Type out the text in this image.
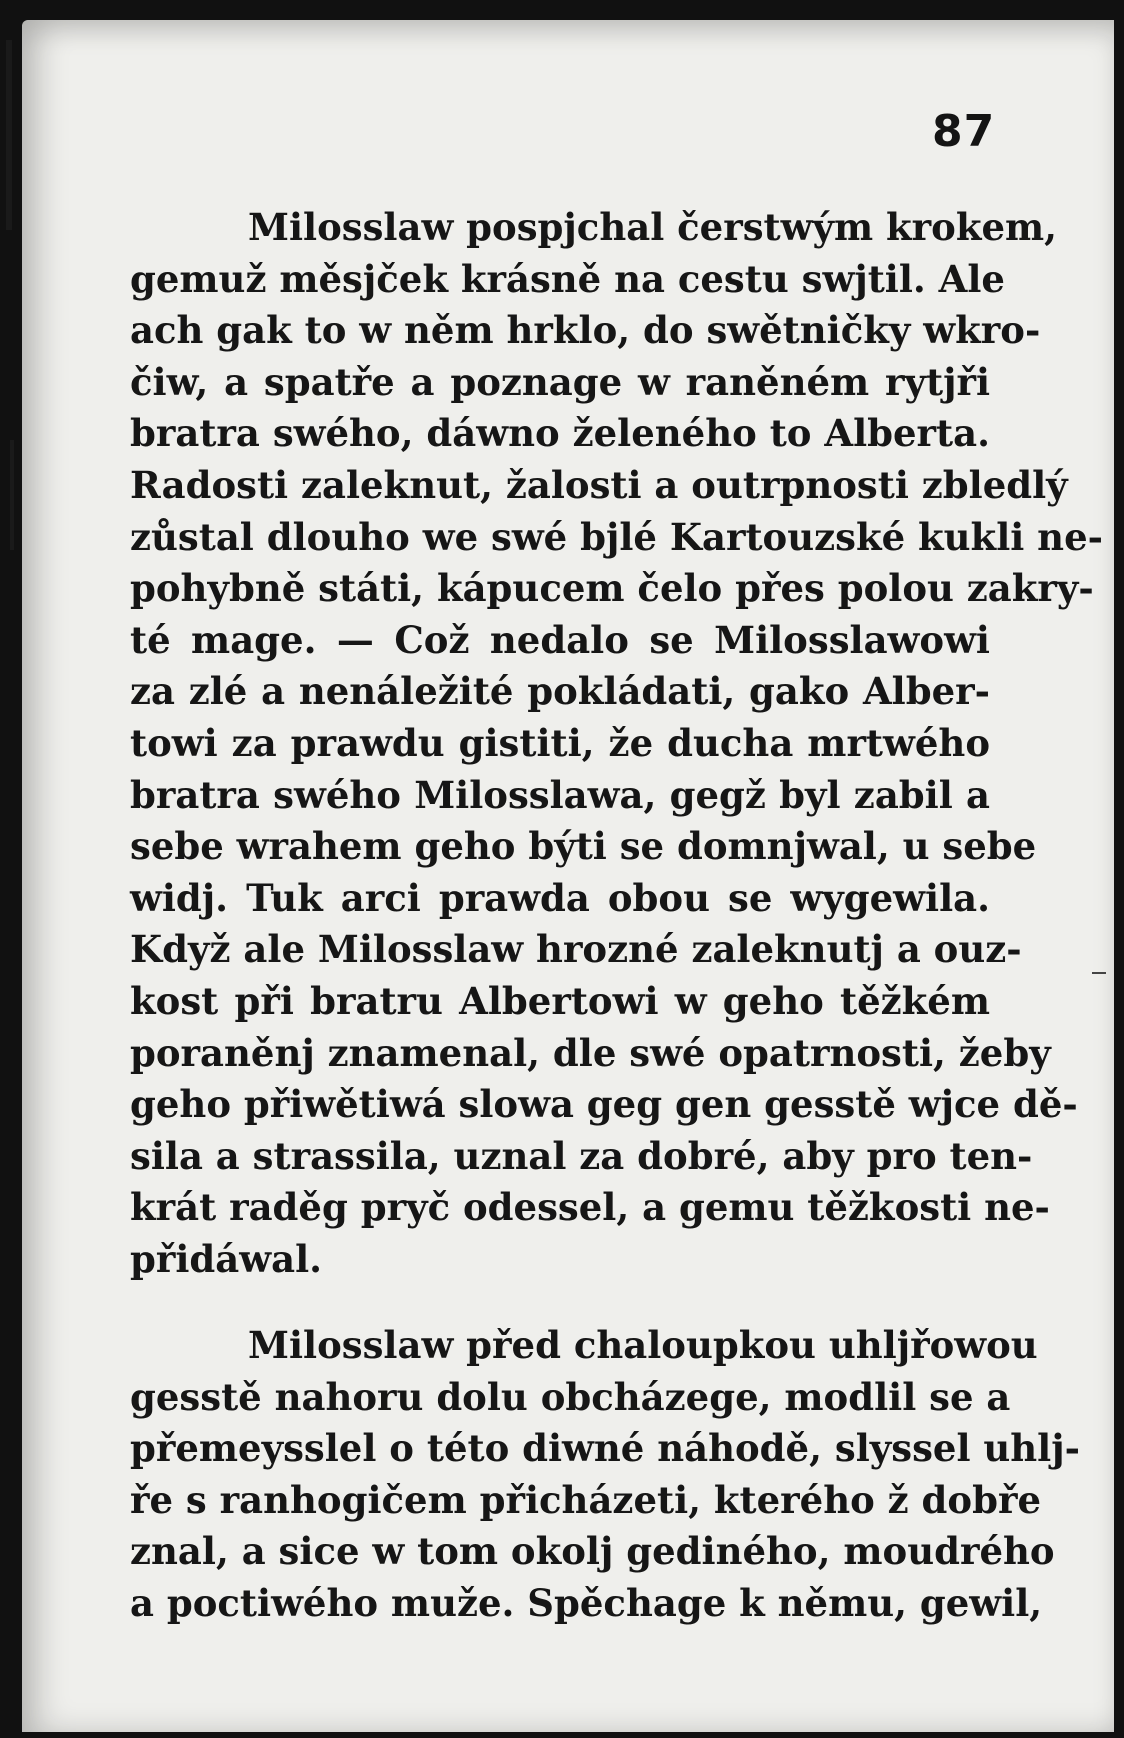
87
Milosslaw pospjchal čerstwým krokem,
gemuž měsjček krásně na cestu swjtil. Ale
ach gak to w něm hrklo, do swětničky wkro-
čiw, a spatře a poznage w raněném rytjři
bratra swého, dáwno želeného to Alberta.
Radosti zaleknut, žalosti a outrpnosti zbledlý
zůstal dlouho we swé bjlé Kartouzské kukli ne-
pohybně státi, kápucem čelo přes polou zakry-
té mage. — Což nedalo se Milosslawowi
za zlé a nenáležité pokládati, gako Alber-
towi za prawdu gistiti, že ducha mrtwého
bratra swého Milosslawa, gegž byl zabil a
sebe wrahem geho býti se domnjwal, u sebe
widj. Tuk arci prawda obou se wygewila.
Když ale Milosslaw hrozné zaleknutj a ouz-
kost při bratru Albertowi w geho těžkém
poraněnj znamenal, dle swé opatrnosti, žeby
geho přiwětiwá slowa geg gen gesstě wjce dě-
sila a strassila, uznal za dobré, aby pro ten-
krát raděg pryč odessel, a gemu těžkosti ne-
přidáwal.
Milosslaw před chaloupkou uhljřowou
gesstě nahoru dolu obcházege, modlil se a
přemeysslel o této diwné náhodě, slyssel uhlj-
ře s ranhogičem přicházeti, kterého ž dobře
znal, a sice w tom okolj gediného, moudrého
a poctiwého muže. Spěchage k němu, gewil,
